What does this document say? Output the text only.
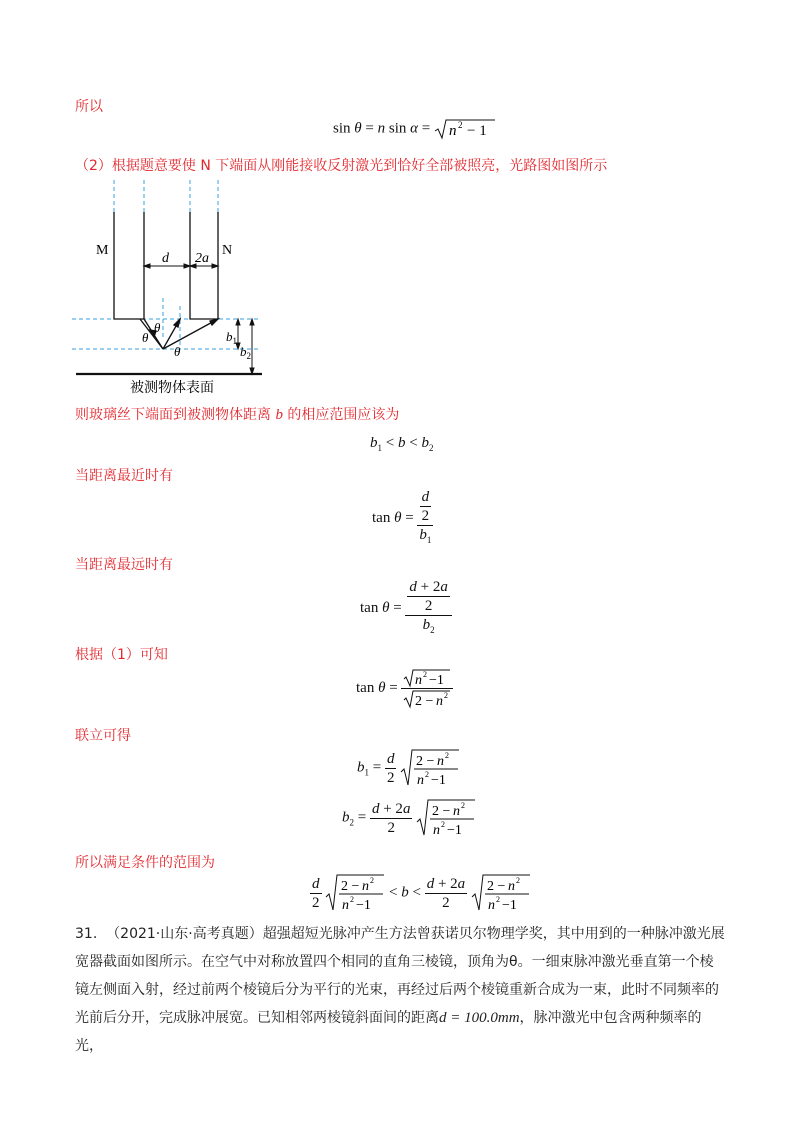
所以
sin θ = n sin α = n 2 − 1
（2）根据题意要使 N 下端面从刚能接收反射激光到恰好全部被照亮，光路图如图所示
M	N
d 2a
θ
θ
θ
$b_1$
$b_2$
被测物体表面
则玻璃丝下端面到被测物体距离 b 的相应范围应该为
$b_1 < b < b_2$
当距离最近时有
$\tan \theta = \frac{\frac{d}{2}}{b_1}$
当距离最远时有
$\tan \theta = \frac{\frac{d + 2a}{2}}{b_2}$
根据（1）可知
$\tan \theta = \frac{n 2 -1}{2 - n 2}$
联立可得
$b_1 = \frac{d}{2}$
2 − n 2
n 2 −1
$b_2 = \frac{d + 2a}{2}$
2 − n 2
n 2 −1
所以满足条件的范围为
$\frac{d}{2}$
2 − n 2
n 2 −1
< $b < \frac{d + 2a}{2}$
2 − n 2
n 2 −1
31. （2021·山东·高考真题）超强超短光脉冲产生方法曾获诺贝尔物理学奖，其中用到的一种脉冲激光展
宽器截面如图所示。在空气中对称放置四个相同的直角三棱镜，顶角为θ。一细束脉冲激光垂直第一个棱
镜左侧面入射，经过前两个棱镜后分为平行的光束，再经过后两个棱镜重新合成为一束，此时不同频率的
光前后分开，完成脉冲展宽。已知相邻两棱镜斜面间的距离d = 100.0mm，脉冲激光中包含两种频率的光，
